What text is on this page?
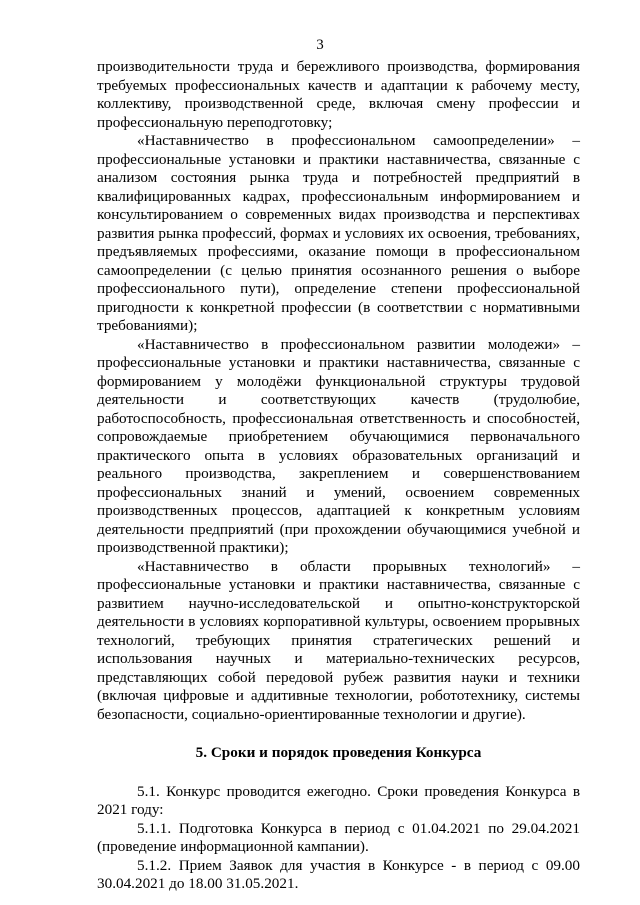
3

производительности труда и бережливого производства, формирования требуемых профессиональных качеств и адаптации к рабочему месту, коллективу, производственной среде, включая смену профессии и профессиональную переподготовку;

«Наставничество в профессиональном самоопределении» – профессиональные установки и практики наставничества, связанные с анализом состояния рынка труда и потребностей предприятий в квалифицированных кадрах, профессиональным информированием и консультированием о современных видах производства и перспективах развития рынка профессий, формах и условиях их освоения, требованиях, предъявляемых профессиями, оказание помощи в профессиональном самоопределении (с целью принятия осознанного решения о выборе профессионального пути), определение степени профессиональной пригодности к конкретной профессии (в соответствии с нормативными требованиями);

«Наставничество в профессиональном развитии молодежи» – профессиональные установки и практики наставничества, связанные с формированием у молодёжи функциональной структуры трудовой деятельности и соответствующих качеств (трудолюбие, работоспособность, профессиональная ответственность и способностей, сопровождаемые приобретением обучающимися первоначального практического опыта в условиях образовательных организаций и реального производства, закреплением и совершенствованием профессиональных знаний и умений, освоением современных производственных процессов, адаптацией к конкретным условиям деятельности предприятий (при прохождении обучающимися учебной и производственной практики);

«Наставничество в области прорывных технологий» – профессиональные установки и практики наставничества, связанные с развитием научно-исследовательской и опытно-конструкторской деятельности в условиях корпоративной культуры, освоением прорывных технологий, требующих принятия стратегических решений и использования научных и материально-технических ресурсов, представляющих собой передовой рубеж развития науки и техники (включая цифровые и аддитивные технологии, робототехнику, системы безопасности, социально-ориентированные технологии и другие).

5. Сроки и порядок проведения Конкурса

5.1. Конкурс проводится ежегодно. Сроки проведения Конкурса в 2021 году:

5.1.1. Подготовка Конкурса в период с 01.04.2021 по 29.04.2021 (проведение информационной кампании).

5.1.2. Прием Заявок для участия в Конкурсе - в период с 09.00 30.04.2021 до 18.00 31.05.2021.
